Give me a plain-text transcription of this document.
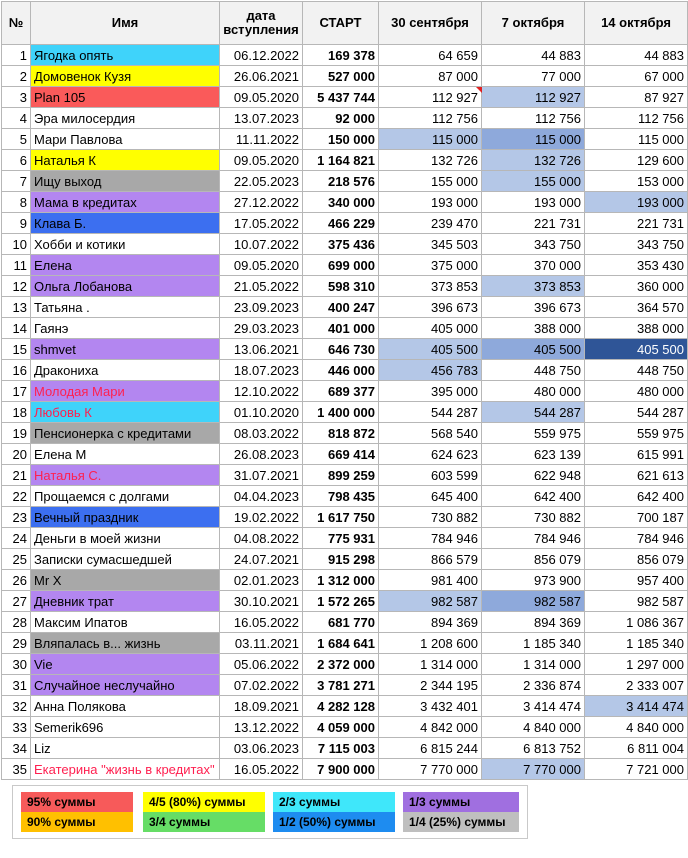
№	Имя	дата вступления	СТАРТ	30 сентября	7 октября	14 октября
1	Ягодка опять	06.12.2022	169 378	64 659	44 883	44 883
2	Домовенок Кузя	26.06.2021	527 000	87 000	77 000	67 000
3	Plan 105	09.05.2020	5 437 744	112 927	112 927	87 927
4	Эра милосердия	13.07.2023	92 000	112 756	112 756	112 756
5	Мари Павлова	11.11.2022	150 000	115 000	115 000	115 000
6	Наталья К	09.05.2020	1 164 821	132 726	132 726	129 600
7	Ищу выход	22.05.2023	218 576	155 000	155 000	153 000
8	Мама в кредитах	27.12.2022	340 000	193 000	193 000	193 000
9	Клава Б.	17.05.2022	466 229	239 470	221 731	221 731
10	Хобби и котики	10.07.2022	375 436	345 503	343 750	343 750
11	Елена	09.05.2020	699 000	375 000	370 000	353 430
12	Ольга Лобанова	21.05.2022	598 310	373 853	373 853	360 000
13	Татьяна .	23.09.2023	400 247	396 673	396 673	364 570
14	Гаянэ	29.03.2023	401 000	405 000	388 000	388 000
15	shmvet	13.06.2021	646 730	405 500	405 500	405 500
16	Дракониха	18.07.2023	446 000	456 783	448 750	448 750
17	Молодая Мари	12.10.2022	689 377	395 000	480 000	480 000
18	Любовь К	01.10.2020	1 400 000	544 287	544 287	544 287
19	Пенсионерка с кредитами	08.03.2022	818 872	568 540	559 975	559 975
20	Елена М	26.08.2023	669 414	624 623	623 139	615 991
21	Наталья С.	31.07.2021	899 259	603 599	622 948	621 613
22	Прощаемся с долгами	04.04.2023	798 435	645 400	642 400	642 400
23	Вечный праздник	19.02.2022	1 617 750	730 882	730 882	700 187
24	Деньги в моей жизни	04.08.2022	775 931	784 946	784 946	784 946
25	Записки сумасшедшей	24.07.2021	915 298	866 579	856 079	856 079
26	Mr X	02.01.2023	1 312 000	981 400	973 900	957 400
27	Дневник трат	30.10.2021	1 572 265	982 587	982 587	982 587
28	Максим Ипатов	16.05.2022	681 770	894 369	894 369	1 086 367
29	Вляпалась в... жизнь	03.11.2021	1 684 641	1 208 600	1 185 340	1 185 340
30	Vie	05.06.2022	2 372 000	1 314 000	1 314 000	1 297 000
31	Случайное неслучайно	07.02.2022	3 781 271	2 344 195	2 336 874	2 333 007
32	Анна Полякова	18.09.2021	4 282 128	3 432 401	3 414 474	3 414 474
33	Semerik696	13.12.2022	4 059 000	4 842 000	4 840 000	4 840 000
34	Liz	03.06.2023	7 115 003	6 815 244	6 813 752	6 811 004
35	Екатерина "жизнь в кредитах"	16.05.2022	7 900 000	7 770 000	7 770 000	7 721 000
95% суммы
90% суммы
4/5 (80%) суммы
3/4 суммы
2/3 суммы
1/2 (50%) суммы
1/3 суммы
1/4 (25%) суммы
